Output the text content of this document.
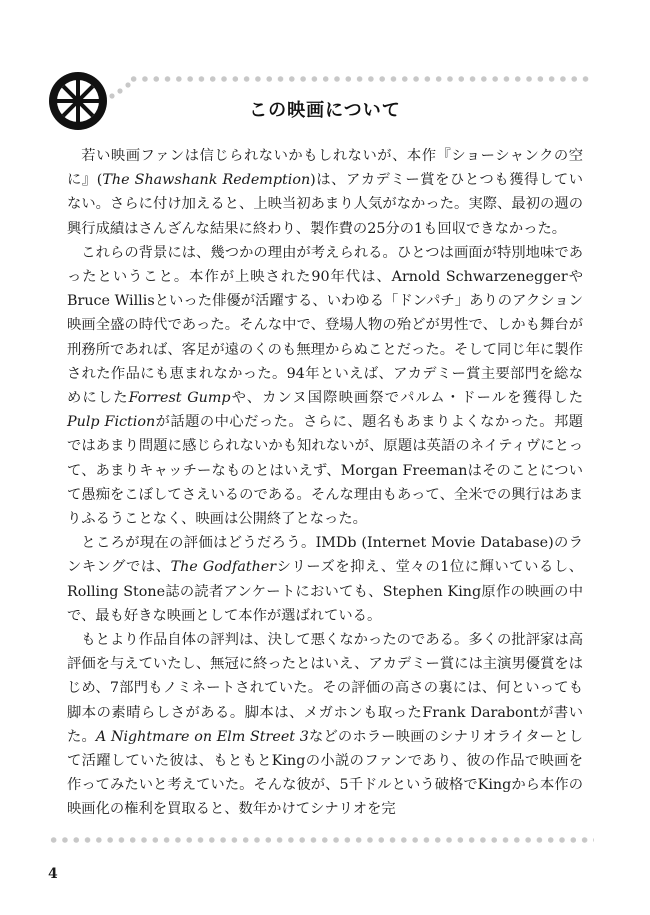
この映画について

若い映画ファンは信じられないかもしれないが、本作『ショーシャンクの空に』(The Shawshank Redemption)は、アカデミー賞をひとつも獲得していない。さらに付け加えると、上映当初あまり人気がなかった。実際、最初の週の興行成績はさんざんな結果に終わり、製作費の25分の1も回収できなかった。

これらの背景には、幾つかの理由が考えられる。ひとつは画面が特別地味であったということ。本作が上映された90年代は、Arnold SchwarzeneggerやBruce Willisといった俳優が活躍する、いわゆる「ドンパチ」ありのアクション映画全盛の時代であった。そんな中で、登場人物の殆どが男性で、しかも舞台が刑務所であれば、客足が遠のくのも無理からぬことだった。そして同じ年に製作された作品にも恵まれなかった。94年といえば、アカデミー賞主要部門を総なめにしたForrest Gumpや、カンヌ国際映画祭でパルム・ドールを獲得したPulp Fictionが話題の中心だった。さらに、題名もあまりよくなかった。邦題ではあまり問題に感じられないかも知れないが、原題は英語のネイティヴにとって、あまりキャッチーなものとはいえず、Morgan Freemanはそのことについて愚痴をこぼしてさえいるのである。そんな理由もあって、全米での興行はあまりふるうことなく、映画は公開終了となった。

ところが現在の評価はどうだろう。IMDb (Internet Movie Database)のランキングでは、The Godfatherシリーズを抑え、堂々の1位に輝いているし、Rolling Stone誌の読者アンケートにおいても、Stephen King原作の映画の中で、最も好きな映画として本作が選ばれている。

もとより作品自体の評判は、決して悪くなかったのである。多くの批評家は高評価を与えていたし、無冠に終ったとはいえ、アカデミー賞には主演男優賞をはじめ、7部門もノミネートされていた。その評価の高さの裏には、何といっても脚本の素晴らしさがある。脚本は、メガホンも取ったFrank Darabontが書いた。A Nightmare on Elm Street 3などのホラー映画のシナリオライターとして活躍していた彼は、もともとKingの小説のファンであり、彼の作品で映画を作ってみたいと考えていた。そんな彼が、5千ドルという破格でKingから本作の映画化の権利を買取ると、数年かけてシナリオを完

4
